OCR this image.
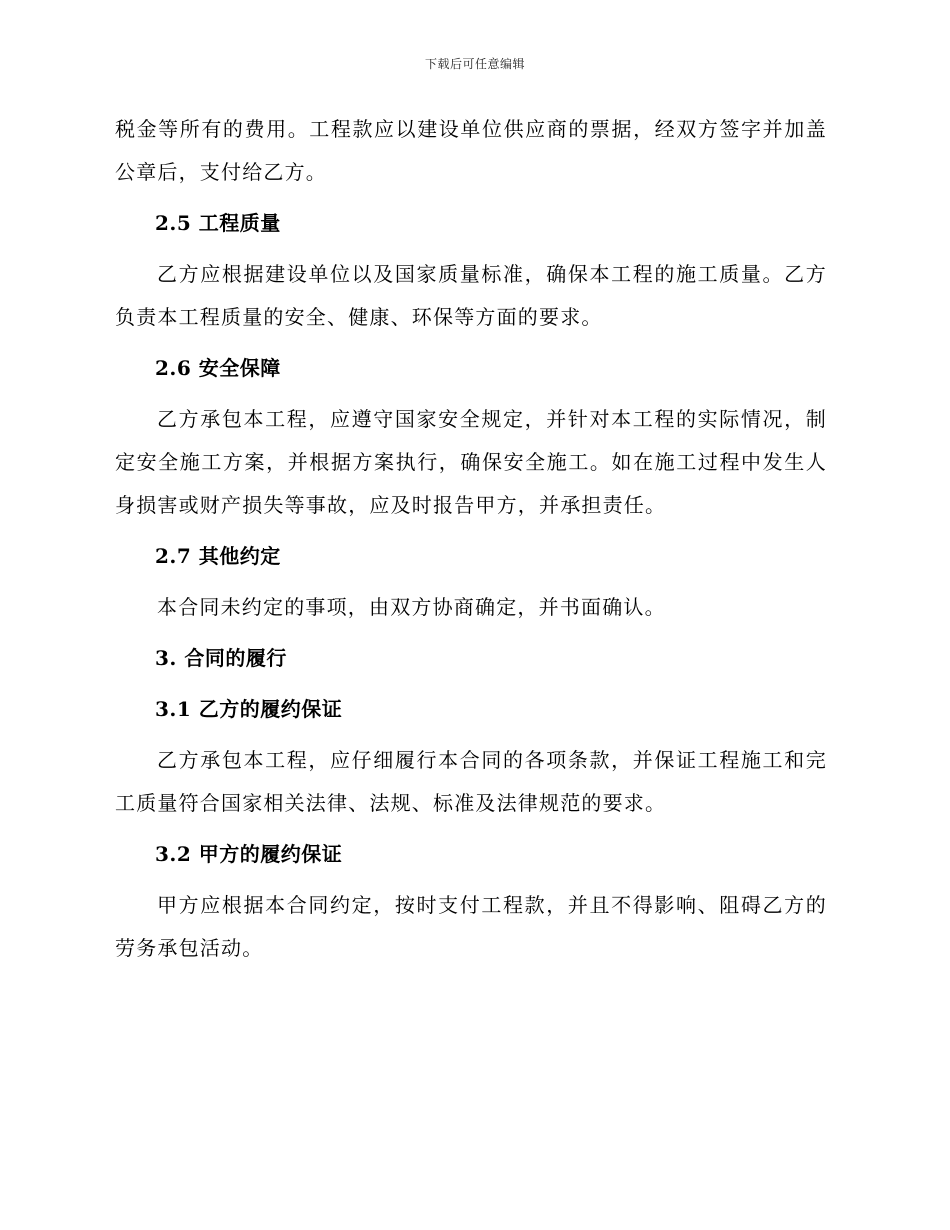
下载后可任意编辑

税金等所有的费用。工程款应以建设单位供应商的票据，经双方签字并加盖公章后，支付给乙方。

2.5 工程质量

乙方应根据建设单位以及国家质量标准，确保本工程的施工质量。乙方负责本工程质量的安全、健康、环保等方面的要求。

2.6 安全保障

乙方承包本工程，应遵守国家安全规定，并针对本工程的实际情况，制定安全施工方案，并根据方案执行，确保安全施工。如在施工过程中发生人身损害或财产损失等事故，应及时报告甲方，并承担责任。

2.7 其他约定

本合同未约定的事项，由双方协商确定，并书面确认。

3. 合同的履行
3.1 乙方的履约保证

乙方承包本工程，应仔细履行本合同的各项条款，并保证工程施工和完工质量符合国家相关法律、法规、标准及法律规范的要求。

3.2 甲方的履约保证

甲方应根据本合同约定，按时支付工程款，并且不得影响、阻碍乙方的劳务承包活动。
